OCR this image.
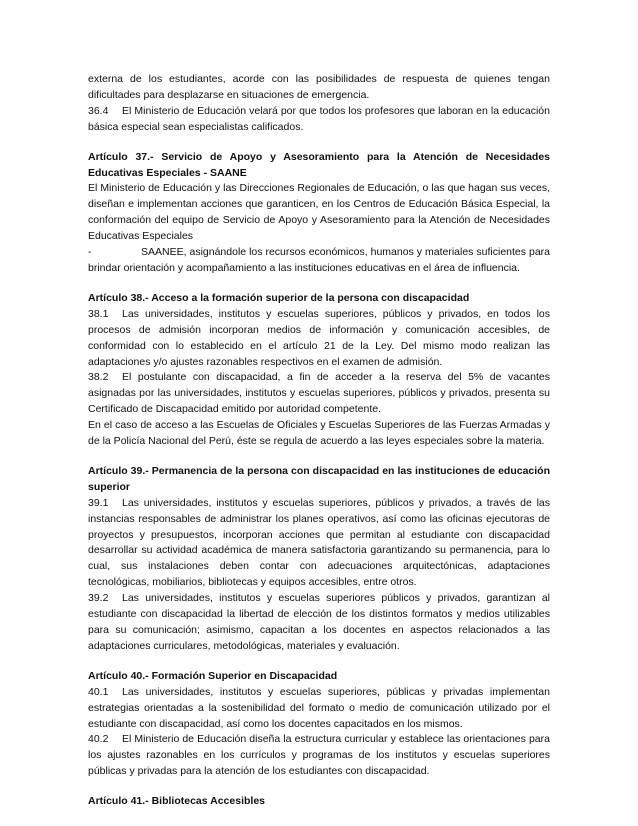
externa de los estudiantes, acorde con las posibilidades de respuesta de quienes tengan dificultades para desplazarse en situaciones de emergencia.

36.4 El Ministerio de Educación velará por que todos los profesores que laboran en la educación básica especial sean especialistas calificados.

Artículo 37.- Servicio de Apoyo y Asesoramiento para la Atención de Necesidades Educativas Especiales - SAANE

El Ministerio de Educación y las Direcciones Regionales de Educación, o las que hagan sus veces, diseñan e implementan acciones que garanticen, en los Centros de Educación Básica Especial, la conformación del equipo de Servicio de Apoyo y Asesoramiento para la Atención de Necesidades Educativas Especiales

-	SAANEE, asignándole los recursos económicos, humanos y materiales suficientes para brindar orientación y acompañamiento a las instituciones educativas en el área de influencia.

Artículo 38.- Acceso a la formación superior de la persona con discapacidad

38.1 Las universidades, institutos y escuelas superiores, públicos y privados, en todos los procesos de admisión incorporan medios de información y comunicación accesibles, de conformidad con lo establecido en el artículo 21 de la Ley. Del mismo modo realizan las adaptaciones y/o ajustes razonables respectivos en el examen de admisión.

38.2 El postulante con discapacidad, a fin de acceder a la reserva del 5% de vacantes asignadas por las universidades, institutos y escuelas superiores, públicos y privados, presenta su Certificado de Discapacidad emitido por autoridad competente.

En el caso de acceso a las Escuelas de Oficiales y Escuelas Superiores de las Fuerzas Armadas y de la Policía Nacional del Perú, éste se regula de acuerdo a las leyes especiales sobre la materia.

Artículo 39.- Permanencia de la persona con discapacidad en las instituciones de educación superior

39.1 Las universidades, institutos y escuelas superiores, públicos y privados, a través de las instancias responsables de administrar los planes operativos, así como las oficinas ejecutoras de proyectos y presupuestos, incorporan acciones que permitan al estudiante con discapacidad desarrollar su actividad académica de manera satisfactoria garantizando su permanencia, para lo cual, sus instalaciones deben contar con adecuaciones arquitectónicas, adaptaciones tecnológicas, mobiliarios, bibliotecas y equipos accesibles, entre otros.

39.2 Las universidades, institutos y escuelas superiores públicos y privados, garantizan al estudiante con discapacidad la libertad de elección de los distintos formatos y medios utilizables para su comunicación; asimismo, capacitan a los docentes en aspectos relacionados a las adaptaciones curriculares, metodológicas, materiales y evaluación.

Artículo 40.- Formación Superior en Discapacidad

40.1 Las universidades, institutos y escuelas superiores, públicas y privadas implementan estrategias orientadas a la sostenibilidad del formato o medio de comunicación utilizado por el estudiante con discapacidad, así como los docentes capacitados en los mismos.

40.2 El Ministerio de Educación diseña la estructura curricular y establece las orientaciones para los ajustes razonables en los currículos y programas de los institutos y escuelas superiores públicas y privadas para la atención de los estudiantes con discapacidad.

Artículo 41.- Bibliotecas Accesibles
